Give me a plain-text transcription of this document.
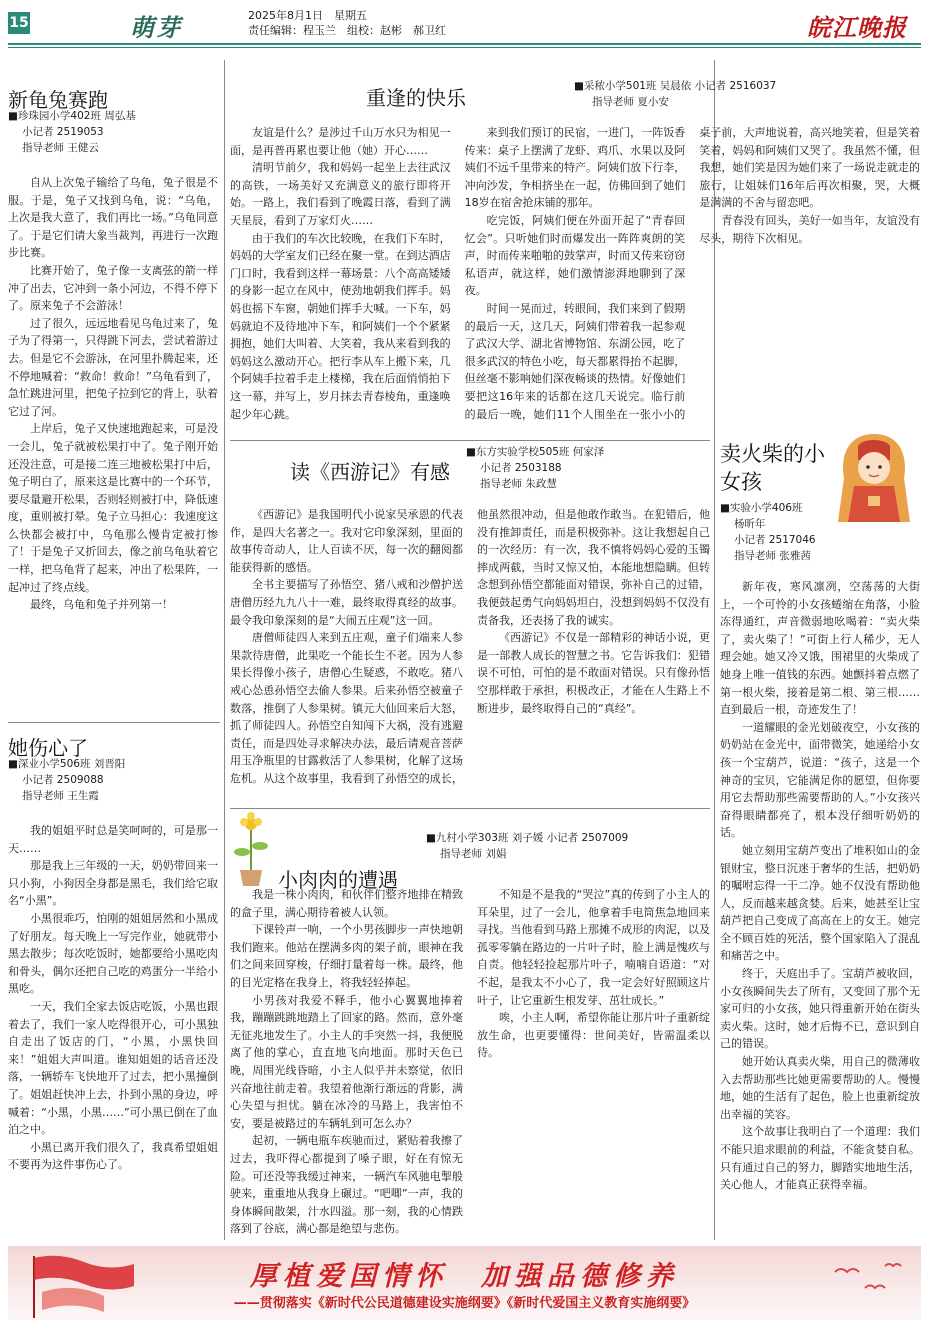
15	萌芽	2025年8月1日　星期五
责任编辑：程玉兰　组校：赵彬　郝卫红	皖江晚报
新龟兔赛跑
■珍珠园小学402班 周弘基
小记者 2519053
指导老师 王健云

自从上次兔子输给了乌龟，兔子很是不服。于是，兔子又找到乌龟，说：“乌龟，上次是我大意了，我们再比一场。”乌龟同意了。于是它们请大象当裁判，再进行一次跑步比赛。

比赛开始了，兔子像一支离弦的箭一样冲了出去，它冲到一条小河边，不得不停下了。原来兔子不会游泳！

过了很久，远远地看见乌龟过来了，兔子为了得第一，只得跳下河去，尝试着游过去。但是它不会游泳，在河里扑腾起来，还不停地喊着：“救命！救命！”乌龟看到了，急忙跳进河里，把兔子拉到它的背上，驮着它过了河。

上岸后，兔子又快速地跑起来，可是没一会儿，兔子就被松果打中了。兔子刚开始还没注意，可是接二连三地被松果打中后，兔子明白了，原来这是比赛中的一个环节，要尽量避开松果，否则轻则被打中，降低速度，重则被打晕。兔子立马担心：我速度这么快都会被打中，乌龟那么慢肯定被打惨了！于是兔子又折回去，像之前乌龟驮着它一样，把乌龟背了起来，冲出了松果阵，一起冲过了终点线。

最终，乌龟和兔子并列第一！

她伤心了
■深业小学506班 刘晋阳
小记者 2509088
指导老师 王生霞

我的姐姐平时总是笑呵呵的，可是那一天……

那是我上三年级的一天，奶奶带回来一只小狗，小狗因全身都是黑毛，我们给它取名“小黑”。

小黑很乖巧，怕刚的姐姐居然和小黑成了好朋友。每天晚上一写完作业，她就带小黑去散步；每次吃饭时，她都要给小黑吃肉和骨头，偶尔还把自己吃的鸡蛋分一半给小黑吃。

一天，我们全家去饭店吃饭，小黑也跟着去了，我们一家人吃得很开心，可小黑独自走出了饭店的门，“小黑，小黑快回来！”姐姐大声叫道。谁知姐姐的话音还没落，一辆轿车飞快地开了过去，把小黑撞倒了。姐姐赶快冲上去，扑到小黑的身边，呼喊着：“小黑，小黑……”可小黑已倒在了血泊之中。

小黑已离开我们很久了，我真希望姐姐不要再为这件事伤心了。

重逢的快乐	■采秾小学501班 吴晨依 小记者 2516037
指导老师 夏小安

友谊是什么？是涉过千山万水只为相见一面，是再普再累也要让他（她）开心……

清明节前夕，我和妈妈一起坐上去往武汉的高铁，一场美好又充满意义的旅行即将开始。一路上，我们看到了晚霞日落，看到了满天星辰，看到了万家灯火……

由于我们的车次比较晚，在我们下车时，妈妈的大学室友们已经在聚一堂。在到达酒店门口时，我看到这样一幕场景：八个高高矮矮的身影一起立在风中，使劲地朝我们挥手。妈妈也摇下车窗，朝她们挥手大喊。一下车，妈妈就迫不及待地冲下车，和阿姨们一个个紧紧拥抱，她们大叫着、大笑着，我从来看到我的妈妈这么激动开心。把行李从车上搬下来，几个阿姨手拉着手走上楼梯，我在后面悄悄拍下这一幕，并写上，岁月抹去青春棱角，重逢唤起少年心跳。

来到我们预订的民宿，一进门，一阵饭香传来：桌子上摆满了龙虾、鸡爪、水果以及阿姨们不远千里带来的特产。阿姨们放下行李，冲向沙发，争相挤坐在一起，仿佛回到了她们18岁在宿舍抢床铺的那年。

吃完饭，阿姨们便在外面开起了“青春回忆会”。只听她们时而爆发出一阵阵爽朗的笑声，时而传来啪啪的鼓掌声，时而又传来窃窃私语声，就这样，她们激情澎湃地聊到了深夜。

时间一晃而过，转眼间，我们来到了假期的最后一天，这几天，阿姨们带着我一起参观了武汉大学、湖北省博物馆、东湖公园，吃了很多武汉的特色小吃，每天都累得抬不起脚，但丝毫不影响她们深夜畅谈的热情。好像她们要把这16年来的话都在这几天说完。临行前的最后一晚，她们11个人围坐在一张小小的桌子前，大声地说着，高兴地笑着，但是笑着笑着，妈妈和阿姨们又哭了。我虽然不懂，但我想，她们笑是因为她们来了一场说走就走的旅行，让姐妹们16年后再次相聚，哭，大概是满满的不舍与留恋吧。

青春没有回头，美好一如当年，友谊没有尽头，期待下次相见。

读《西游记》有感
■东方实验学校505班 何家泽
小记者 2503188
指导老师 朱政慧

《西游记》是我国明代小说家吴承恩的代表作，是四大名著之一。我对它印象深刻，里面的故事传奇动人，让人百读不厌，每一次的翻阅都能获得新的感悟。

全书主要描写了孙悟空、猪八戒和沙僧护送唐僧历经九九八十一难，最终取得真经的故事。最令我印象深刻的是“大闹五庄观”这一回。

唐僧师徒四人来到五庄观，童子们端来人参果款待唐僧，此果吃一个能长生不老。因为人参果长得像小孩子，唐僧心生疑惑，不敢吃。猪八戒心怂恿孙悟空去偷人参果。后来孙悟空被童子数落，推倒了人参果树。镇元大仙回来后大怒，抓了师徒四人。孙悟空自知闯下大祸，没有逃避责任，而是四处寻求解决办法，最后请观音菩萨用玉净瓶里的甘露救活了人参果树，化解了这场危机。从这个故事里，我看到了孙悟空的成长，他虽然很冲动，但是他敢作敢当。在犯错后，他没有推卸责任，而是积极弥补。这让我想起自己的一次经历：有一次，我不慎将妈妈心爱的玉镯摔成两截，当时又惊又怕，本能地想隐瞒。但转念想到孙悟空都能面对错误，弥补自己的过错，我便鼓起勇气向妈妈坦白，没想到妈妈不仅没有责备我，还表扬了我的诚实。

《西游记》不仅是一部精彩的神话小说，更是一部教人成长的智慧之书。它告诉我们：犯错误不可怕，可怕的是不敢面对错误。只有像孙悟空那样敢于承担，积极改正，才能在人生路上不断进步，最终取得自己的“真经”。

小肉肉的遭遇
■九村小学303班 刘子媛 小记者 2507009
指导老师 刘娟

我是一株小肉肉，和伙伴们整齐地排在精致的盒子里，满心期待着被人认领。

下课铃声一响，一个小男孩脚步一声快地朝我们跑来。他站在摆满多肉的架子前，眼神在我们之间来回穿梭，仔细打量着每一株。最终，他的目光定格在我身上，将我轻轻捧起。

小男孩对我爱不释手，他小心翼翼地捧着我，蹦蹦跳跳地踏上了回家的路。然而，意外毫无征兆地发生了。小主人的手突然一抖，我便脱离了他的掌心，直直地飞向地面。那时天色已晚，周围光线昏暗，小主人似乎并未察觉，依旧兴奋地往前走着。我望着他渐行渐远的背影，满心失望与担忧。躺在冰冷的马路上，我害怕不安，要是被路过的车辆轧到可怎么办？

起初，一辆电瓶车疾驰而过，紧贴着我擦了过去，我吓得心都提到了嗓子眼，好在有惊无险。可还没等我缓过神来，一辆汽车风驰电掣般驶来，重重地从我身上碾过。“吧唧”一声，我的身体瞬间散架，汁水四溢。那一刻，我的心情跌落到了谷底，满心都是绝望与悲伤。

不知是不是我的“哭泣”真的传到了小主人的耳朵里，过了一会儿，他拿着手电筒焦急地回来寻找。当他看到马路上那摊不成形的肉泥，以及孤零零躺在路边的一片叶子时，脸上满是愧疚与自责。他轻轻捡起那片叶子，喃喃自语道：“对不起，是我太不小心了，我一定会好好照顾这片叶子，让它重新生根发芽、茁壮成长。”

唉，小主人啊，希望你能让那片叶子重新绽放生命，也更要懂得：世间美好，皆需温柔以待。

卖火柴的小女孩
■实验小学406班
杨昕年
小记者 2517046
指导老师 张雅茜

新年夜，寒风凛冽，空荡荡的大街上，一个可怜的小女孩蜷缩在角落，小脸冻得通红，声音微弱地吆喝着：“卖火柴了，卖火柴了！”可街上行人稀少，无人理会她。她又冷又饿，围裙里的火柴成了她身上唯一值钱的东西。她颤抖着点燃了第一根火柴，接着是第二根、第三根……直到最后一根，奇迹发生了！

一道耀眼的金光划破夜空，小女孩的奶奶站在金光中，面带微笑，她递给小女孩一个宝葫芦，说道：“孩子，这是一个神奇的宝贝，它能满足你的愿望，但你要用它去帮助那些需要帮助的人。”小女孩兴奋得眼睛都亮了，根本没仔细听奶奶的话。

她立刻用宝葫芦变出了堆积如山的金银财宝，整日沉迷于奢华的生活，把奶奶的嘱咐忘得一干二净。她不仅没有帮助他人，反而越来越贪婪。后来，她甚至让宝葫芦把自己变成了高高在上的女王。她完全不顾百姓的死活，整个国家陷入了混乱和痛苦之中。

终于，天庭出手了。宝葫芦被收回，小女孩瞬间失去了所有，又变回了那个无家可归的小女孩，她只得重新开始在街头卖火柴。这时，她才后悔不已，意识到自己的错误。

她开始认真卖火柴，用自己的微薄收入去帮助那些比她更需要帮助的人。慢慢地，她的生活有了起色，脸上也重新绽放出幸福的笑容。

这个故事让我明白了一个道理：我们不能只追求眼前的利益，不能贪婪自私。只有通过自己的努力，脚踏实地地生活，关心他人，才能真正获得幸福。

厚植爱国情怀　加强品德修养
——贯彻落实《新时代公民道德建设实施纲要》《新时代爱国主义教育实施纲要》
